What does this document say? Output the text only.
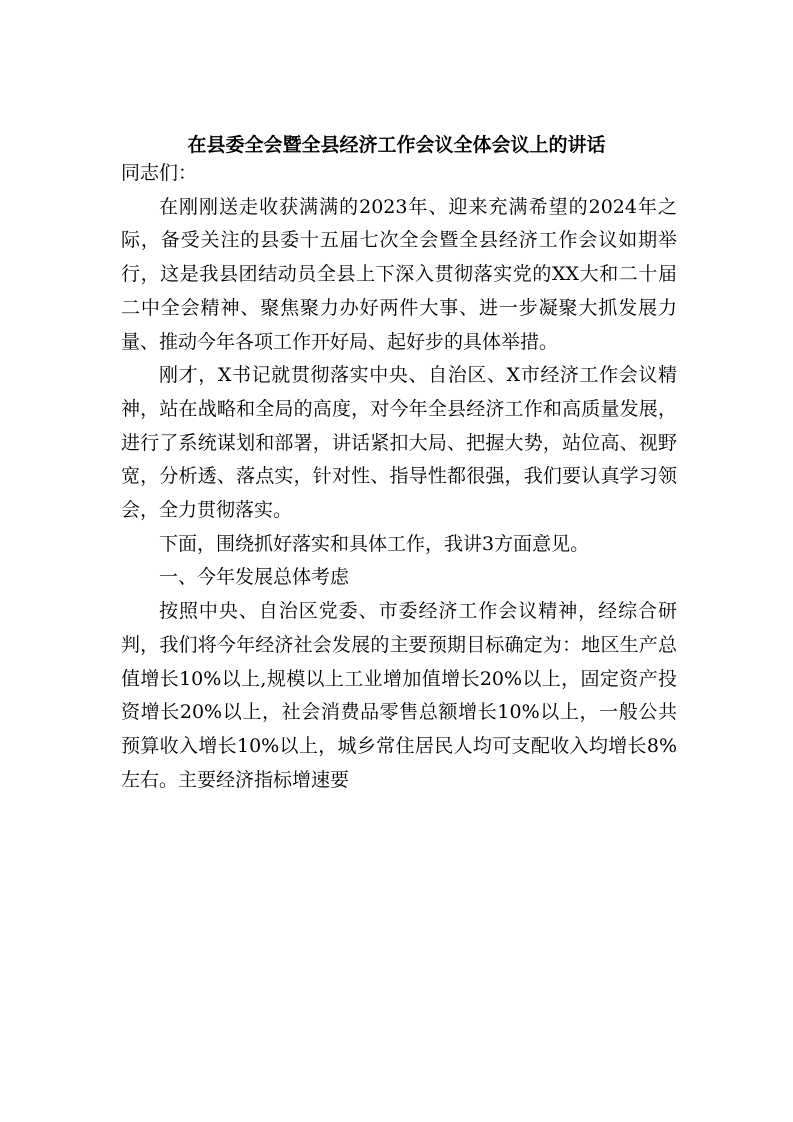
在县委全会暨全县经济工作会议全体会议上的讲话

同志们：

在刚刚送走收获满满的2023年、迎来充满希望的2024年之际，备受关注的县委十五届七次全会暨全县经济工作会议如期举行，这是我县团结动员全县上下深入贯彻落实党的XX大和二十届二中全会精神、聚焦聚力办好两件大事、进一步凝聚大抓发展力量、推动今年各项工作开好局、起好步的具体举措。

刚才，X书记就贯彻落实中央、自治区、X市经济工作会议精神，站在战略和全局的高度，对今年全县经济工作和高质量发展，进行了系统谋划和部署，讲话紧扣大局、把握大势，站位高、视野宽，分析透、落点实，针对性、指导性都很强，我们要认真学习领会，全力贯彻落实。

下面，围绕抓好落实和具体工作，我讲3方面意见。

一、今年发展总体考虑

按照中央、自治区党委、市委经济工作会议精神，经综合研判，我们将今年经济社会发展的主要预期目标确定为：地区生产总值增长10%以上,规模以上工业增加值增长20%以上，固定资产投资增长20%以上，社会消费品零售总额增长10%以上，一般公共预算收入增长10%以上，城乡常住居民人均可支配收入均增长8%左右。主要经济指标增速要
